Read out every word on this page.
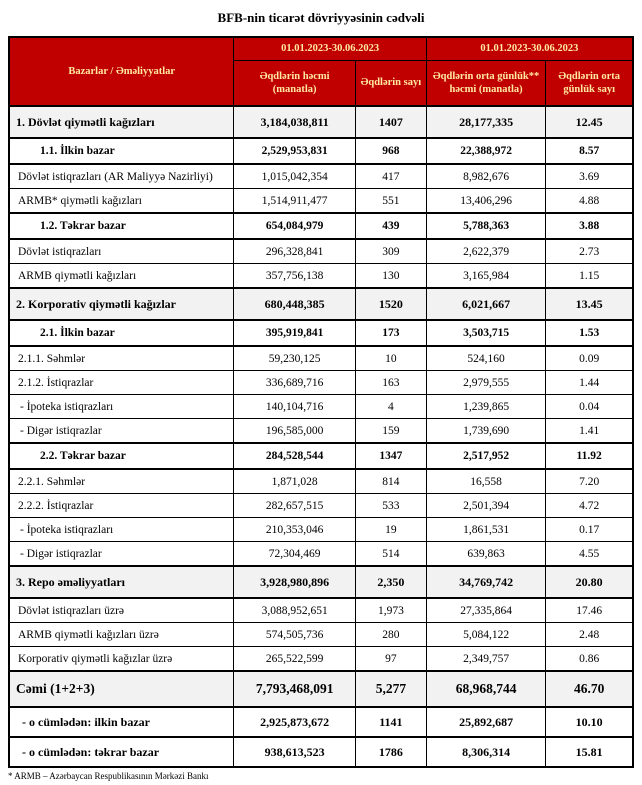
BFB-nin ticarət dövriyyəsinin cədvəli
Bazarlar / Əməliyyatlar	01.01.2023-30.06.2023		01.01.2023-30.06.2023	
	Əqdlərin həcmi (manatla)	Əqdlərin sayı	Əqdlərin orta günlük** həcmi (manatla)	Əqdlərin orta günlük sayı
1. Dövlət qiymətli kağızları	3,184,038,811	1407	28,177,335	12.45
1.1. İlkin bazar	2,529,953,831	968	22,388,972	8.57
Dövlət istiqrazları (AR Maliyyə Nazirliyi)	1,015,042,354	417	8,982,676	3.69
ARMB* qiymətli kağızları	1,514,911,477	551	13,406,296	4.88
1.2. Təkrar bazar	654,084,979	439	5,788,363	3.88
Dövlət istiqrazları	296,328,841	309	2,622,379	2.73
ARMB qiymətli kağızları	357,756,138	130	3,165,984	1.15
2. Korporativ qiymətli kağızlar	680,448,385	1520	6,021,667	13.45
2.1. İlkin bazar	395,919,841	173	3,503,715	1.53
2.1.1. Səhmlər	59,230,125	10	524,160	0.09
2.1.2. İstiqrazlar	336,689,716	163	2,979,555	1.44
- İpoteka istiqrazları	140,104,716	4	1,239,865	0.04
- Digər istiqrazlar	196,585,000	159	1,739,690	1.41
2.2. Təkrar bazar	284,528,544	1347	2,517,952	11.92
2.2.1. Səhmlər	1,871,028	814	16,558	7.20
2.2.2. İstiqrazlar	282,657,515	533	2,501,394	4.72
- İpoteka istiqrazları	210,353,046	19	1,861,531	0.17
- Digər istiqrazlar	72,304,469	514	639,863	4.55
3. Repo əməliyyatları	3,928,980,896	2,350	34,769,742	20.80
Dövlət istiqrazları üzrə	3,088,952,651	1,973	27,335,864	17.46
ARMB qiymətli kağızları üzrə	574,505,736	280	5,084,122	2.48
Korporativ qiymətli kağızlar üzrə	265,522,599	97	2,349,757	0.86
Cəmi (1+2+3)	7,793,468,091	5,277	68,968,744	46.70
- o cümlədən: ilkin bazar	2,925,873,672	1141	25,892,687	10.10
- o cümlədən: təkrar bazar	938,613,523	1786	8,306,314	15.81
* ARMB – Azərbaycan Respublikasının Mərkəzi Bankı
